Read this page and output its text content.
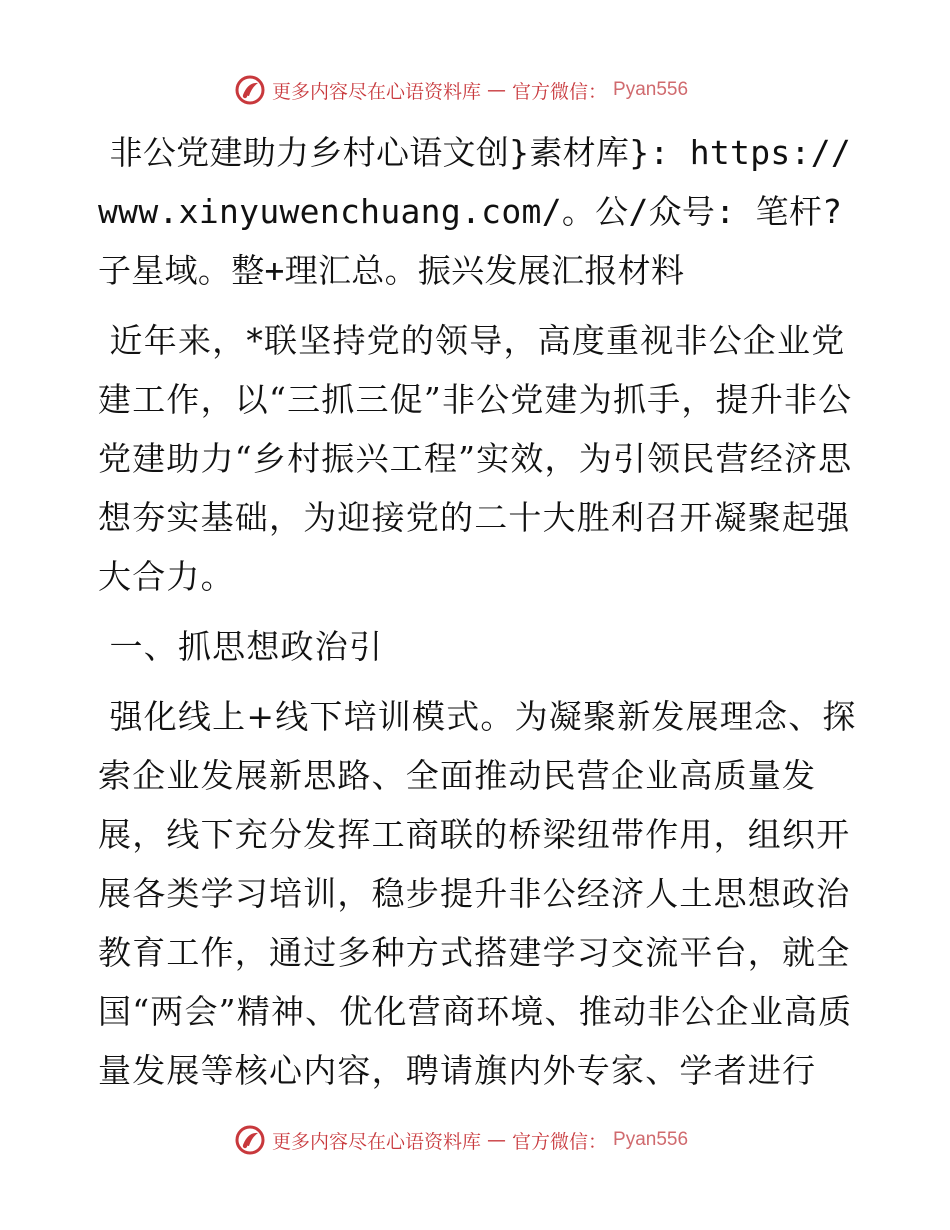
更多内容尽在心语资料库 — 官方微信： Pyan556

非公党建助力乡村心语文创}素材库}: https://www.xinyuwenchuang.com/。公/众号: 笔杆?子星域。整+理汇总。振兴发展汇报材料

近年来，*联坚持党的领导，高度重视非公企业党建工作，以“三抓三促”非公党建为抓手，提升非公党建助力“乡村振兴工程”实效，为引领民营经济思想夯实基础，为迎接党的二十大胜利召开凝聚起强大合力。

一、抓思想政治引

强化线上+线下培训模式。为凝聚新发展理念、探索企业发展新思路、全面推动民营企业高质量发展，线下充分发挥工商联的桥梁纽带作用，组织开展各类学习培训，稳步提升非公经济人土思想政治教育工作，通过多种方式搭建学习交流平台，就全国“两会”精神、优化营商环境、推动非公企业高质量发展等核心内容，聘请旗内外专家、学者进行

更多内容尽在心语资料库 — 官方微信： Pyan556
